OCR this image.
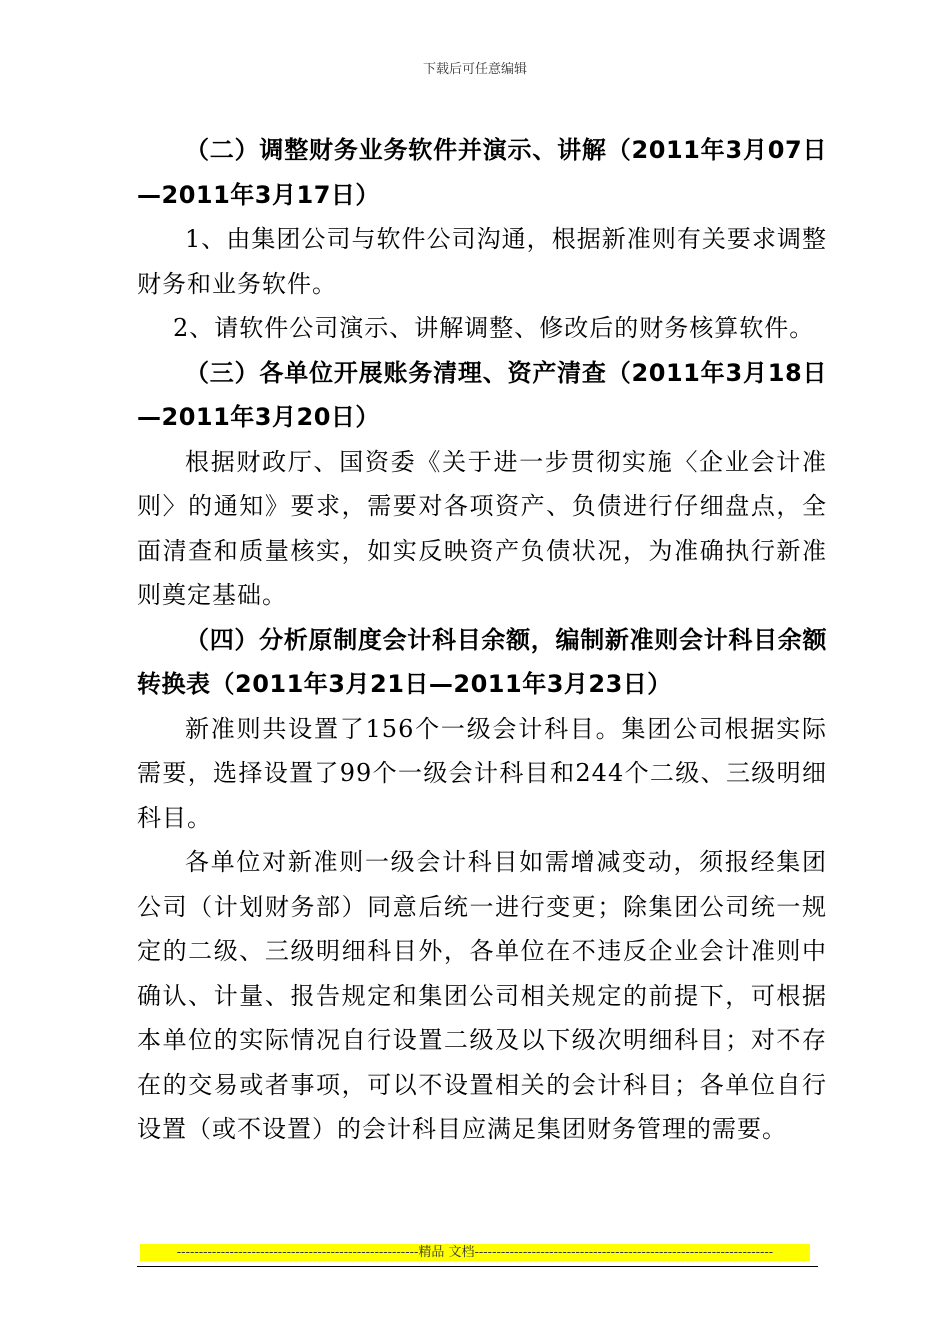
下载后可任意编辑

（二）调整财务业务软件并演示、讲解（2011年3月07日—2011年3月17日）

1、由集团公司与软件公司沟通，根据新准则有关要求调整财务和业务软件。

2、请软件公司演示、讲解调整、修改后的财务核算软件。

（三）各单位开展账务清理、资产清查（2011年3月18日—2011年3月20日）

根据财政厅、国资委《关于进一步贯彻实施〈企业会计准则〉的通知》要求，需要对各项资产、负债进行仔细盘点，全面清查和质量核实，如实反映资产负债状况，为准确执行新准则奠定基础。

（四）分析原制度会计科目余额，编制新准则会计科目余额转换表（2011年3月21日—2011年3月23日）

新准则共设置了156个一级会计科目。集团公司根据实际需要，选择设置了99个一级会计科目和244个二级、三级明细科目。

各单位对新准则一级会计科目如需增减变动，须报经集团公司（计划财务部）同意后统一进行变更；除集团公司统一规定的二级、三级明细科目外，各单位在不违反企业会计准则中确认、计量、报告规定和集团公司相关规定的前提下，可根据本单位的实际情况自行设置二级及以下级次明细科目；对不存在的交易或者事项，可以不设置相关的会计科目；各单位自行设置（或不设置）的会计科目应满足集团财务管理的需要。

-------------------------------------------------------精品 文档--------------------------------------------------------------------
